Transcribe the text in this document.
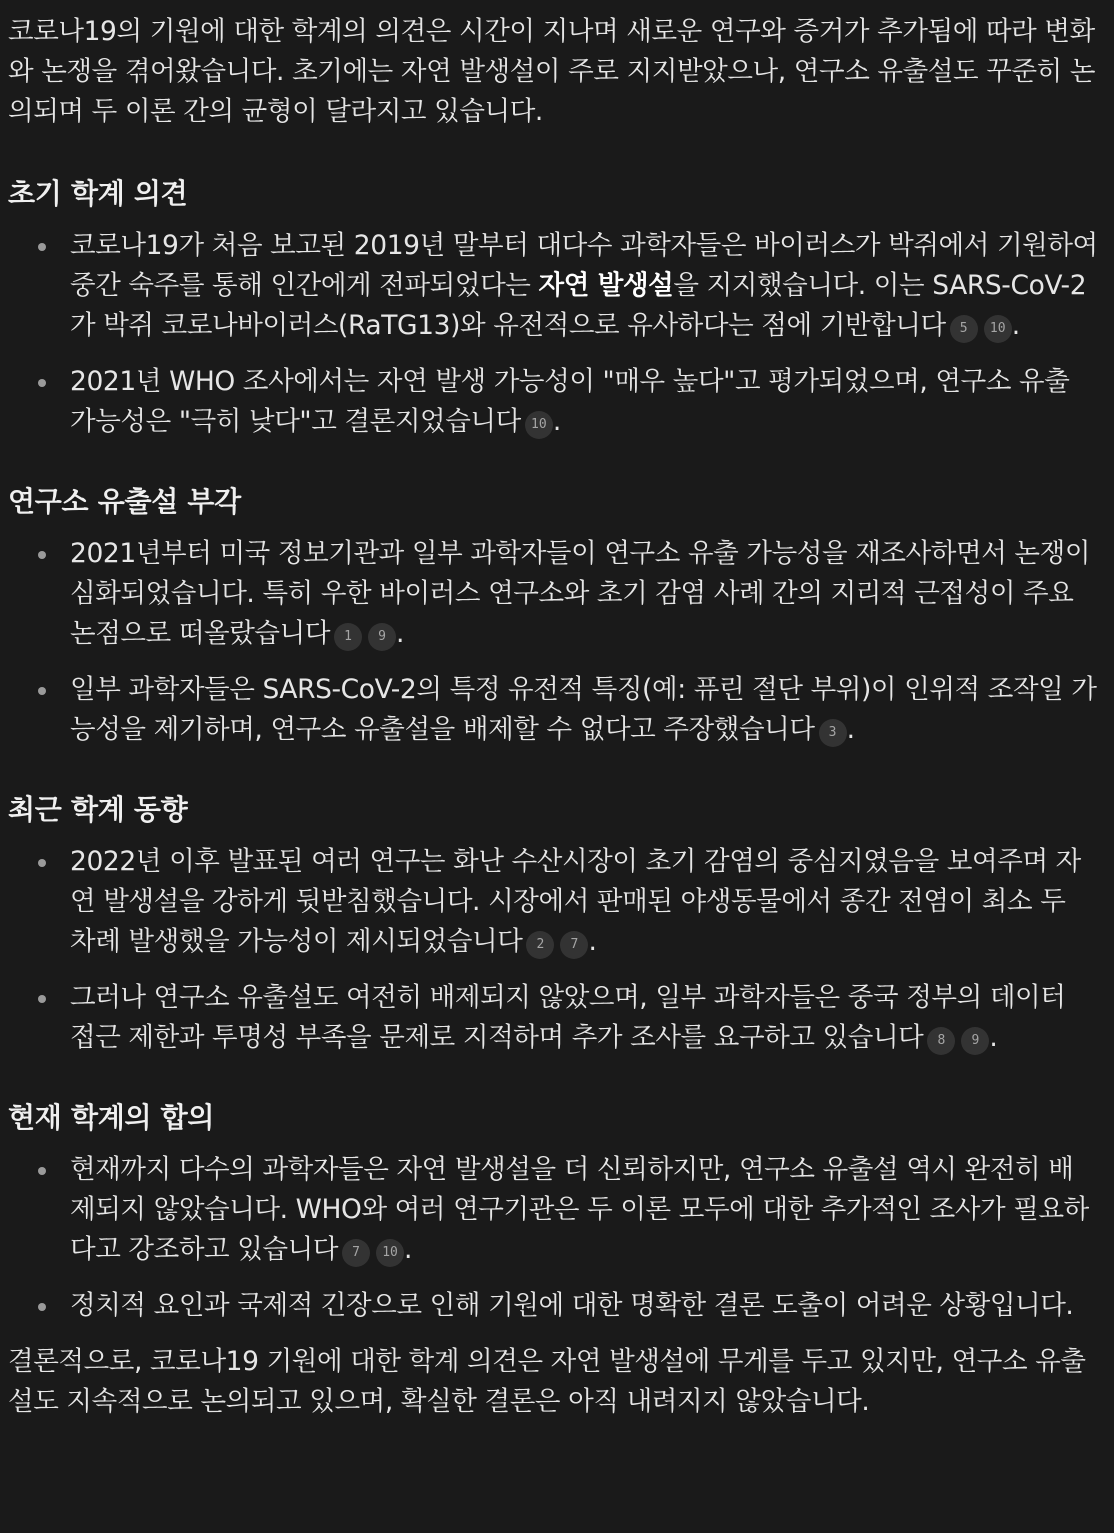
코로나19의 기원에 대한 학계의 의견은 시간이 지나며 새로운 연구와 증거가 추가됨에 따라 변화와 논쟁을 겪어왔습니다. 초기에는 자연 발생설이 주로 지지받았으나, 연구소 유출설도 꾸준히 논의되며 두 이론 간의 균형이 달라지고 있습니다.

초기 학계 의견
코로나19가 처음 보고된 2019년 말부터 대다수 과학자들은 바이러스가 박쥐에서 기원하여 중간 숙주를 통해 인간에게 전파되었다는 자연 발생설을 지지했습니다. 이는 SARS-CoV-2가 박쥐 코로나바이러스(RaTG13)와 유전적으로 유사하다는 점에 기반합니다 5 10 .
2021년 WHO 조사에서는 자연 발생 가능성이 "매우 높다"고 평가되었으며, 연구소 유출 가능성은 "극히 낮다"고 결론지었습니다 10 .
연구소 유출설 부각
2021년부터 미국 정보기관과 일부 과학자들이 연구소 유출 가능성을 재조사하면서 논쟁이 심화되었습니다. 특히 우한 바이러스 연구소와 초기 감염 사례 간의 지리적 근접성이 주요 논점으로 떠올랐습니다 1 9 .
일부 과학자들은 SARS-CoV-2의 특정 유전적 특징(예: 퓨린 절단 부위)이 인위적 조작일 가능성을 제기하며, 연구소 유출설을 배제할 수 없다고 주장했습니다 3 .
최근 학계 동향
2022년 이후 발표된 여러 연구는 화난 수산시장이 초기 감염의 중심지였음을 보여주며 자연 발생설을 강하게 뒷받침했습니다. 시장에서 판매된 야생동물에서 종간 전염이 최소 두 차례 발생했을 가능성이 제시되었습니다 2 7 .
그러나 연구소 유출설도 여전히 배제되지 않았으며, 일부 과학자들은 중국 정부의 데이터 접근 제한과 투명성 부족을 문제로 지적하며 추가 조사를 요구하고 있습니다 8 9 .
현재 학계의 합의
현재까지 다수의 과학자들은 자연 발생설을 더 신뢰하지만, 연구소 유출설 역시 완전히 배제되지 않았습니다. WHO와 여러 연구기관은 두 이론 모두에 대한 추가적인 조사가 필요하다고 강조하고 있습니다 7 10 .
정치적 요인과 국제적 긴장으로 인해 기원에 대한 명확한 결론 도출이 어려운 상황입니다.

결론적으로, 코로나19 기원에 대한 학계 의견은 자연 발생설에 무게를 두고 있지만, 연구소 유출설도 지속적으로 논의되고 있으며, 확실한 결론은 아직 내려지지 않았습니다.
